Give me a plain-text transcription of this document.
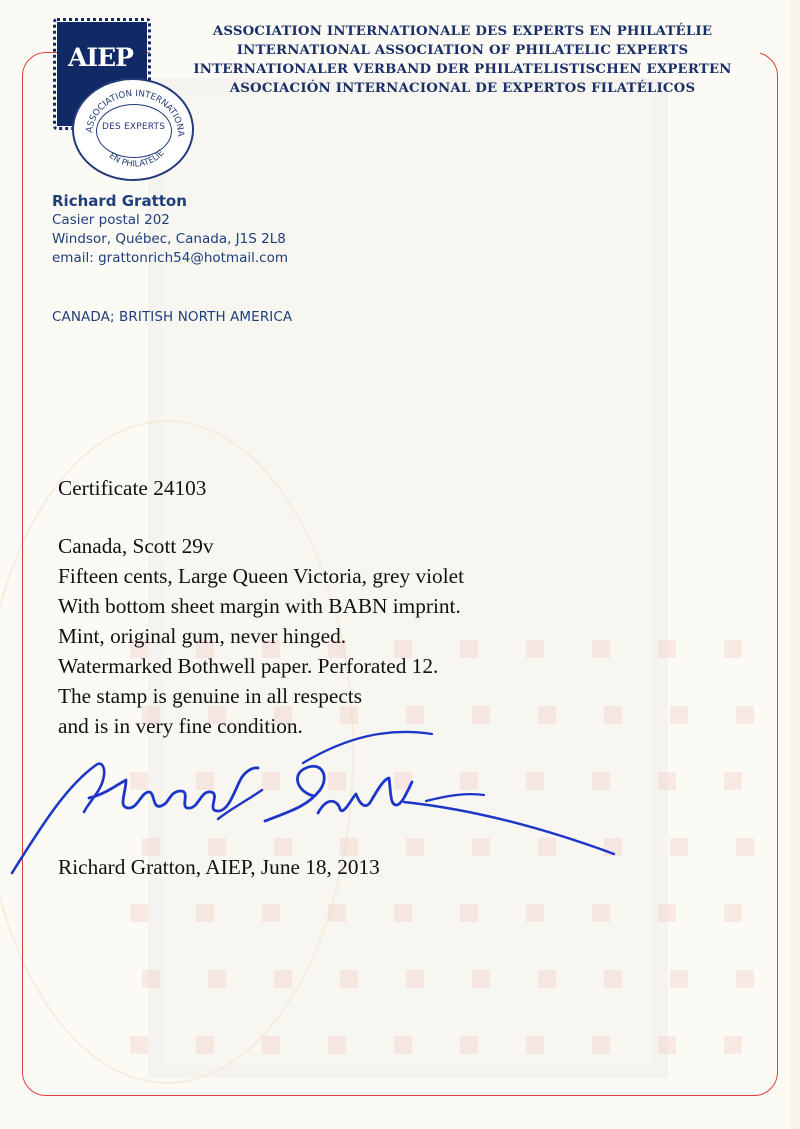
AIEP
ASSOCIATION INTERNATIONA
EN PHILATÉLIE
DES EXPERTS
ASSOCIATION INTERNATIONALE DES EXPERTS EN PHILATÉLIE
INTERNATIONAL ASSOCIATION OF PHILATELIC EXPERTS
INTERNATIONALER VERBAND DER PHILATELISTISCHEN EXPERTEN
ASOCIACIÓN INTERNACIONAL DE EXPERTOS FILATÉLICOS
Richard Gratton
Casier postal 202
Windsor, Québec, Canada, J1S 2L8
email: grattonrich54@hotmail.com
CANADA; BRITISH NORTH AMERICA
Certificate 24103
Canada, Scott 29v
Fifteen cents, Large Queen Victoria, grey violet
With bottom sheet margin with BABN imprint.
Mint, original gum, never hinged.
Watermarked Bothwell paper. Perforated 12.
The stamp is genuine in all respects
and is in very fine condition.
Richard Gratton, AIEP, June 18, 2013
